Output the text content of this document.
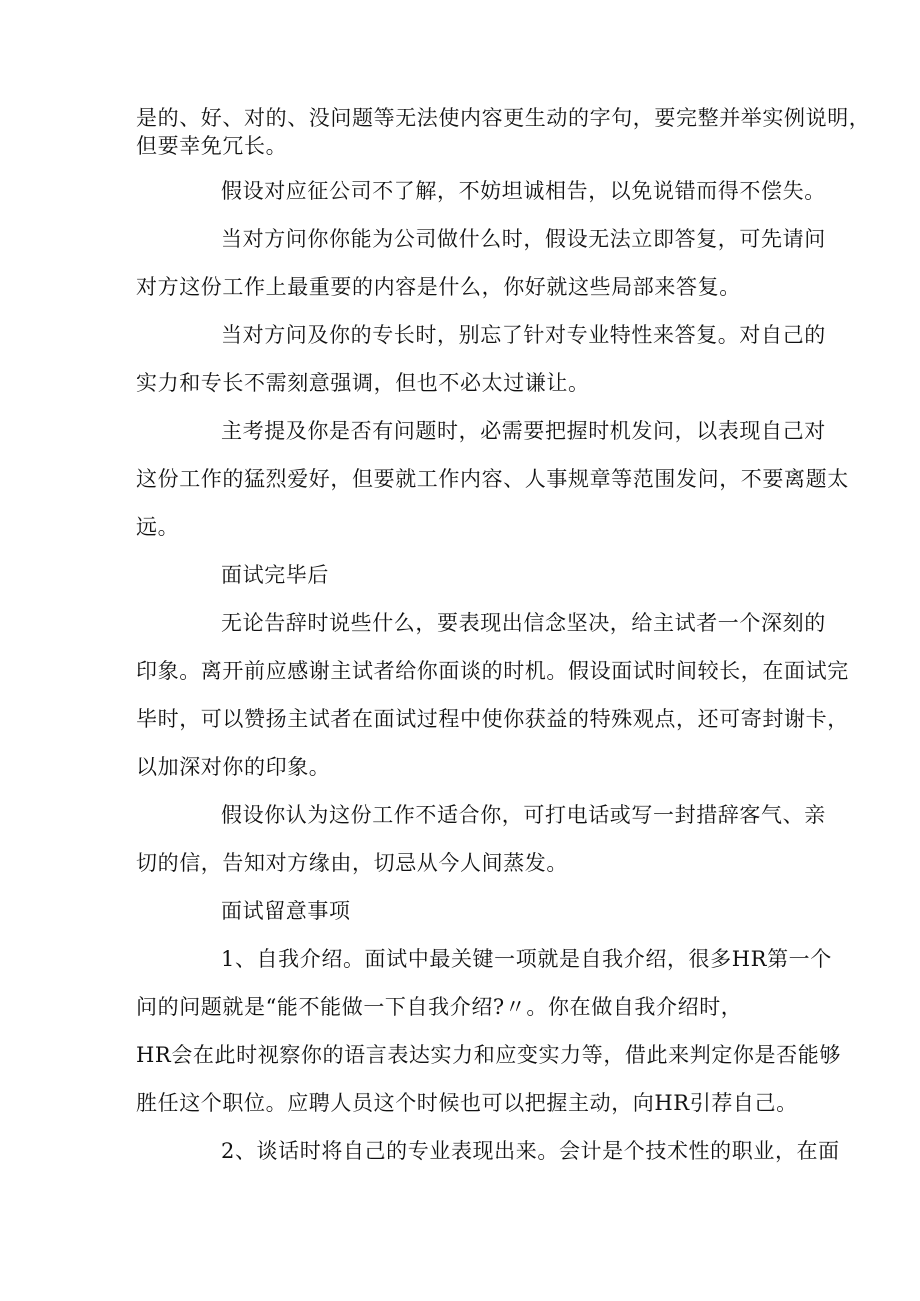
是的、好、对的、没问题等无法使内容更生动的字句，要完整并举实例说明，
但要幸免冗长。
假设对应征公司不了解，不妨坦诚相告，以免说错而得不偿失。
当对方问你你能为公司做什么时，假设无法立即答复，可先请问
对方这份工作上最重要的内容是什么，你好就这些局部来答复。
当对方问及你的专长时，别忘了针对专业特性来答复。对自己的
实力和专长不需刻意强调，但也不必太过谦让。
主考提及你是否有问题时，必需要把握时机发问，以表现自己对
这份工作的猛烈爱好，但要就工作内容、人事规章等范围发问，不要离题太
远。
面试完毕后
无论告辞时说些什么，要表现出信念坚决，给主试者一个深刻的
印象。离开前应感谢主试者给你面谈的时机。假设面试时间较长，在面试完
毕时，可以赞扬主试者在面试过程中使你获益的特殊观点，还可寄封谢卡，
以加深对你的印象。
假设你认为这份工作不适合你，可打电话或写一封措辞客气、亲
切的信，告知对方缘由，切忌从今人间蒸发。
面试留意事项
1、自我介绍。面试中最关键一项就是自我介绍，很多HR第一个
问的问题就是“能不能做一下自我介绍?〃。你在做自我介绍时，
HR会在此时视察你的语言表达实力和应变实力等，借此来判定你是否能够
胜任这个职位。应聘人员这个时候也可以把握主动，向HR引荐自己。
2、谈话时将自己的专业表现出来。会计是个技术性的职业，在面
